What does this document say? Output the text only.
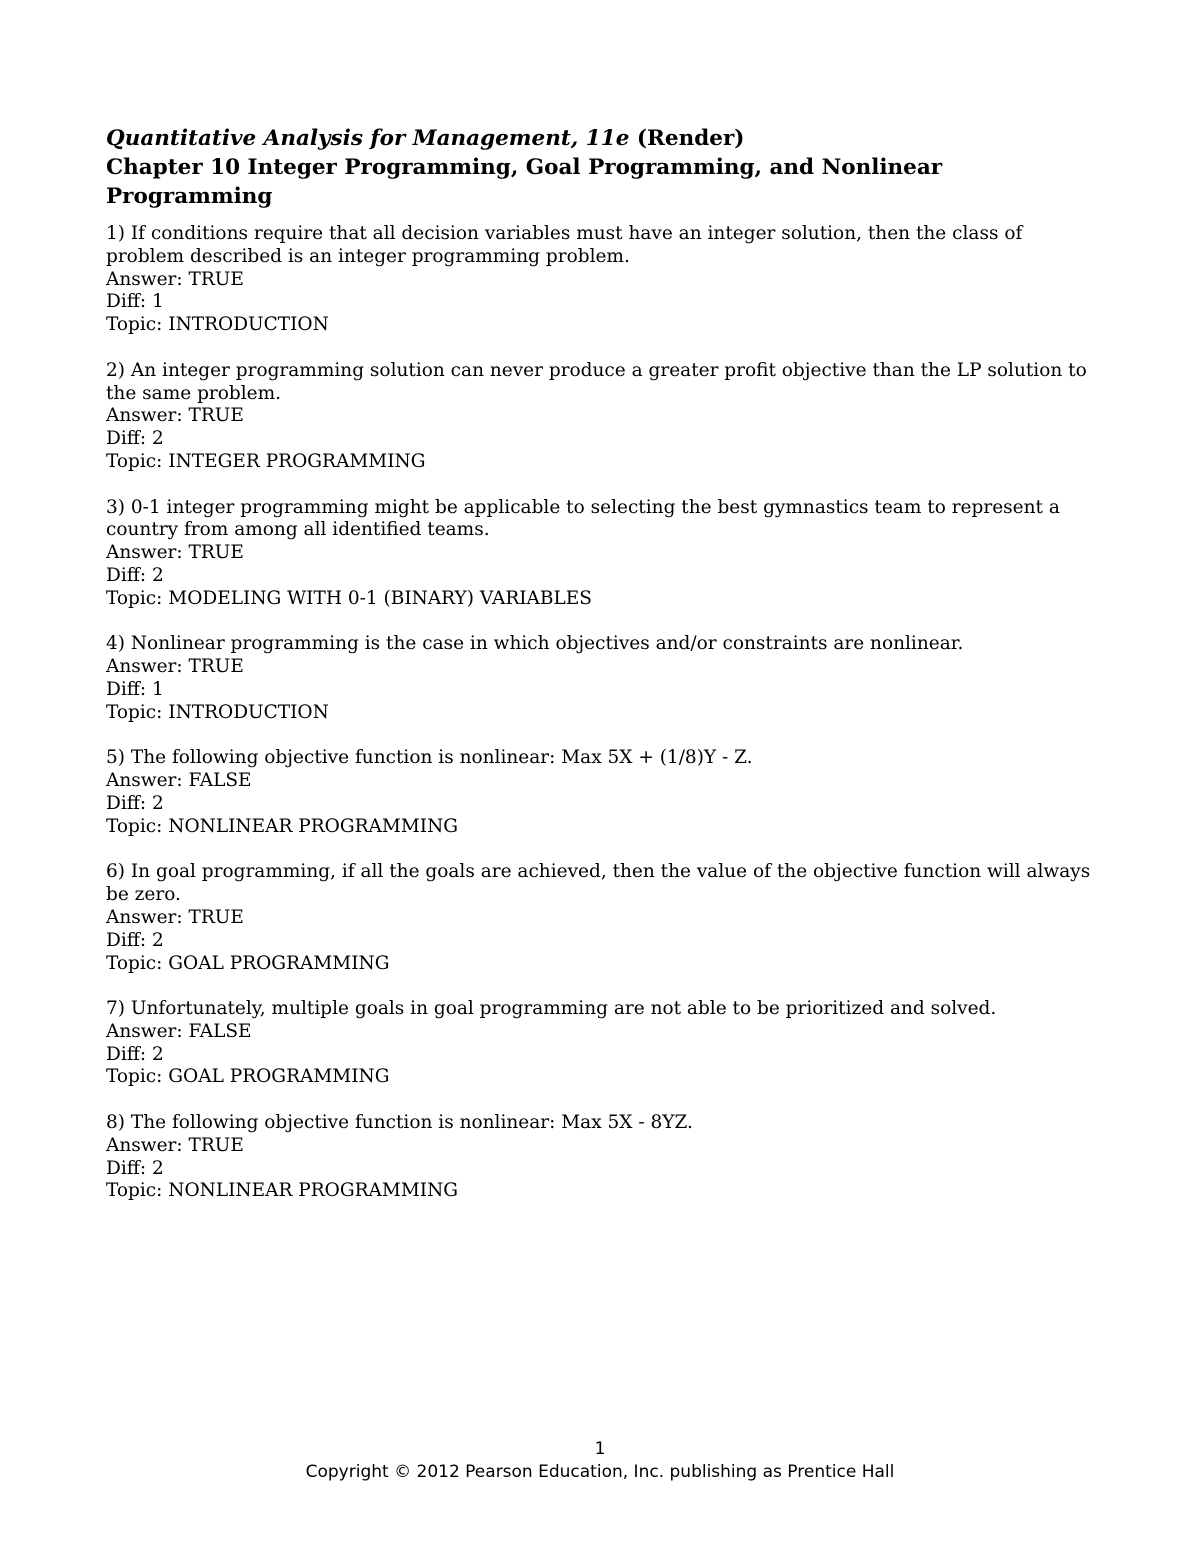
Quantitative Analysis for Management, 11e (Render)
Chapter 10 Integer Programming, Goal Programming, and Nonlinear Programming

1) If conditions require that all decision variables must have an integer solution, then the class of problem described is an integer programming problem.

Answer: TRUE

Diff: 1

Topic: INTRODUCTION

2) An integer programming solution can never produce a greater profit objective than the LP solution to the same problem.

Answer: TRUE

Diff: 2

Topic: INTEGER PROGRAMMING

3) 0-1 integer programming might be applicable to selecting the best gymnastics team to represent a country from among all identified teams.

Answer: TRUE

Diff: 2

Topic: MODELING WITH 0-1 (BINARY) VARIABLES

4) Nonlinear programming is the case in which objectives and/or constraints are nonlinear.

Answer: TRUE

Diff: 1

Topic: INTRODUCTION

5) The following objective function is nonlinear: Max 5X + (1/8)Y - Z.

Answer: FALSE

Diff: 2

Topic: NONLINEAR PROGRAMMING

6) In goal programming, if all the goals are achieved, then the value of the objective function will always be zero.

Answer: TRUE

Diff: 2

Topic: GOAL PROGRAMMING

7) Unfortunately, multiple goals in goal programming are not able to be prioritized and solved.

Answer: FALSE

Diff: 2

Topic: GOAL PROGRAMMING

8) The following objective function is nonlinear: Max 5X - 8YZ.

Answer: TRUE

Diff: 2

Topic: NONLINEAR PROGRAMMING

1
Copyright © 2012 Pearson Education, Inc. publishing as Prentice Hall
